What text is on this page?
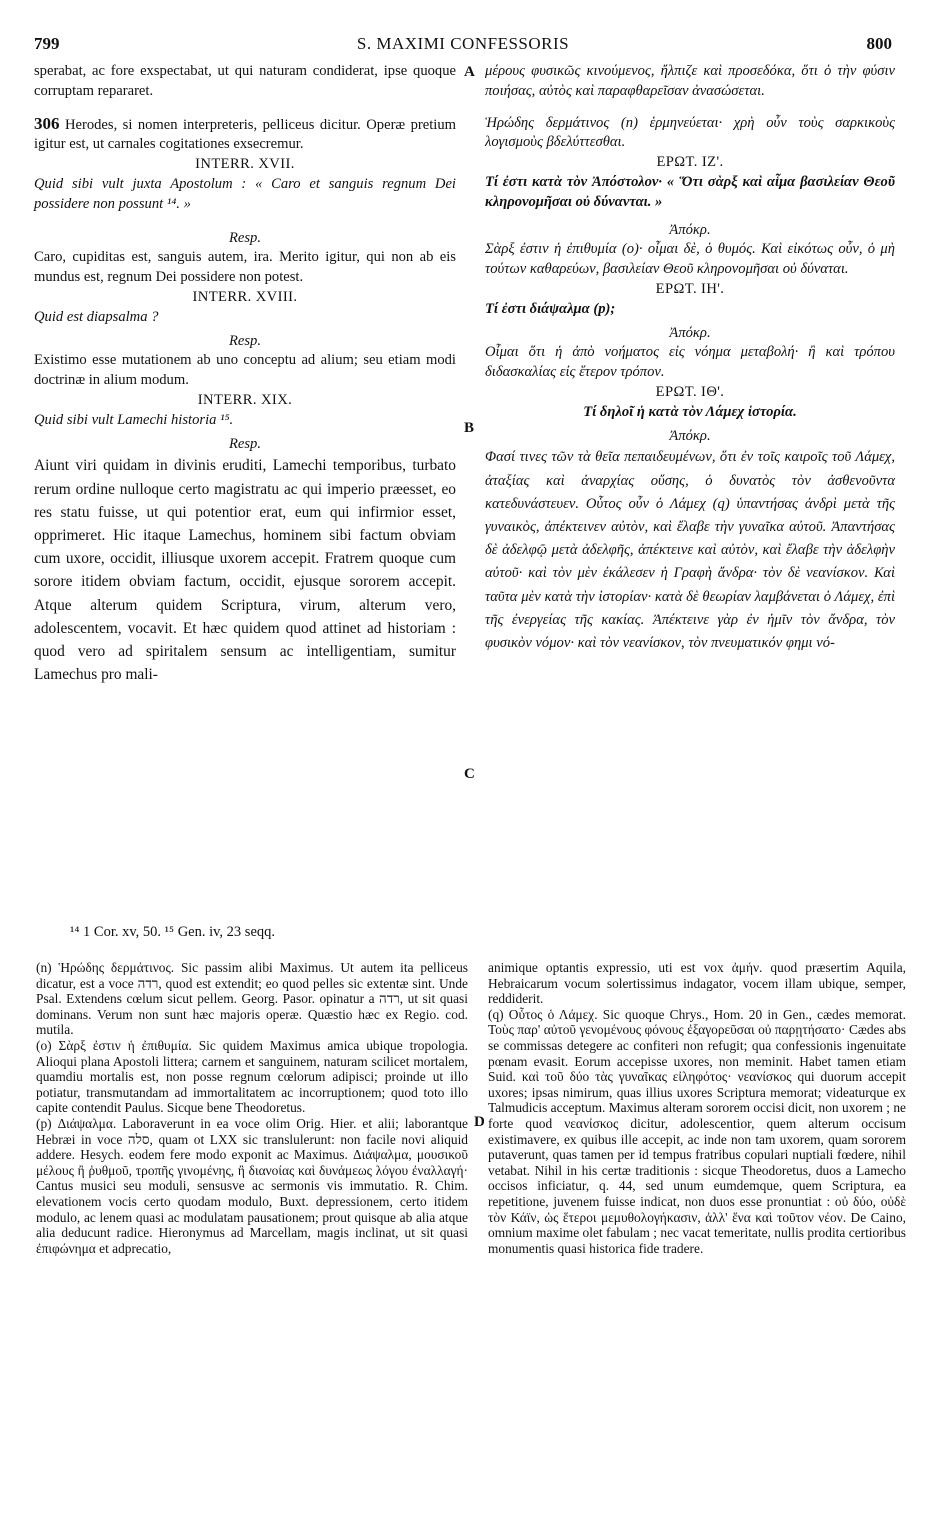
799	S. MAXIMI CONFESSORIS	800
A
B
C
D

sperabat, ac fore exspectabat, ut qui naturam condiderat, ipse quoque corruptam repararet.

306 Herodes, si nomen interpreteris, pelliceus dicitur. Operæ pretium igitur est, ut carnales cogitationes exsecremur.

INTERR. XVII.

Quid sibi vult juxta Apostolum : « Caro et sanguis regnum Dei possidere non possunt ¹⁴. »

Resp.

Caro, cupiditas est, sanguis autem, ira. Merito igitur, qui non ab eis mundus est, regnum Dei possidere non potest.

INTERR. XVIII.

Quid est diapsalma ?

Resp.

Existimo esse mutationem ab uno conceptu ad alium; seu etiam modi doctrinæ in alium modum.

INTERR. XIX.

Quid sibi vult Lamechi historia ¹⁵.

Resp.

Aiunt viri quidam in divinis eruditi, Lamechi temporibus, turbato rerum ordine nulloque certo magistratu ac qui imperio præesset, eo res statu fuisse, ut qui potentior erat, eum qui infirmior esset, opprimeret. Hic itaque Lamechus, hominem sibi factum obviam cum uxore, occidit, illiusque uxorem accepit. Fratrem quoque cum sorore itidem obviam factum, occidit, ejusque sororem accepit. Atque alterum quidem Scriptura, virum, alterum vero, adolescentem, vocavit. Et hæc quidem quod attinet ad historiam : quod vero ad spiritalem sensum ac intelligentiam, sumitur Lamechus pro mali-

μέρους φυσικῶς κινούμενος, ἤλπιζε καὶ προσεδόκα, ὅτι ὁ τὴν φύσιν ποιήσας, αὐτὸς καὶ παραφθαρεῖσαν ἀνασώσεται.

Ἡρώδης δερμάτινος (n) ἑρμηνεύεται· χρὴ οὖν τοὺς σαρκικοὺς λογισμοὺς βδελύττεσθαι.

ΕΡΩΤ. ΙΖ'.

Τί ἐστι κατὰ τὸν Ἀπόστολον· « Ὅτι σὰρξ καὶ αἷμα βασιλείαν Θεοῦ κληρονομῆσαι οὐ δύνανται. »

Ἀπόκρ.

Σὰρξ ἐστιν ἡ ἐπιθυμία (o)· οἶμαι δὲ, ὁ θυμός. Καὶ εἰκότως οὖν, ὁ μὴ τούτων καθαρεύων, βασιλείαν Θεοῦ κληρονομῆσαι οὐ δύναται.

ΕΡΩΤ. ΙΗ'.

Τί ἐστι διάψαλμα (p);

Ἀπόκρ.

Οἶμαι ὅτι ἡ ἀπὸ νοήματος εἰς νόημα μεταβολή· ἢ καὶ τρόπου διδασκαλίας εἰς ἕτερον τρόπον.

ΕΡΩΤ. ΙΘ'.

Τί δηλοῖ ἡ κατὰ τὸν Λάμεχ ἱστορία.

Ἀπόκρ.

Φασί τινες τῶν τὰ θεῖα πεπαιδευμένων, ὅτι ἐν τοῖς καιροῖς τοῦ Λάμεχ, ἀταξίας καὶ ἀναρχίας οὔσης, ὁ δυνατὸς τὸν ἀσθενοῦντα κατεδυνάστευεν. Οὗτος οὖν ὁ Λάμεχ (q) ὑπαντήσας ἀνδρὶ μετὰ τῆς γυναικὸς, ἀπέκτεινεν αὐτὸν, καὶ ἔλαβε τὴν γυναῖκα αὐτοῦ. Ἀπαντήσας δὲ ἀδελφῷ μετὰ ἀδελφῆς, ἀπέκτεινε καὶ αὐτὸν, καὶ ἔλαβε τὴν ἀδελφὴν αὐτοῦ· καὶ τὸν μὲν ἐκάλεσεν ἡ Γραφὴ ἄνδρα· τὸν δὲ νεανίσκον. Καὶ ταῦτα μὲν κατὰ τὴν ἱστορίαν· κατὰ δὲ θεωρίαν λαμβάνεται ὁ Λάμεχ, ἐπὶ τῆς ἐνεργείας τῆς κακίας. Ἀπέκτεινε γὰρ ἐν ἡμῖν τὸν ἄνδρα, τὸν φυσικὸν νόμον· καὶ τὸν νεανίσκον, τὸν πνευματικόν φημι νό-

¹⁴ 1 Cor. xv, 50. ¹⁵ Gen. iv, 23 seqq.

(n) Ἡρώδης δερμάτινος. Sic passim alibi Maximus. Ut autem ita pelliceus dicatur, est a voce רדה, quod est extendit; eo quod pelles sic extentæ sint. Unde Psal. Extendens cœlum sicut pellem. Georg. Pasor. opinatur a רדה, ut sit quasi dominans. Verum non sunt hæc majoris operæ. Quæstio hæc ex Regio. cod. mutila.

(o) Σὰρξ ἐστιν ἡ ἐπιθυμία. Sic quidem Maximus amica ubique tropologia. Alioqui plana Apostoli littera; carnem et sanguinem, naturam scilicet mortalem, quamdiu mortalis est, non posse regnum cœlorum adipisci; proinde ut illo potiatur, transmutandam ad immortalitatem ac incorruptionem; quod toto illo capite contendit Paulus. Sicque bene Theodoretus.

(p) Διάψαλμα. Laboraverunt in ea voce olim Orig. Hier. et alii; laborantque Hebræi in voce סלה, quam ot LXX sic translulerunt: non facile novi aliquid addere. Hesych. eodem fere modo exponit ac Maximus. Διάψαλμα, μουσικοῦ μέλους ἢ ῥυθμοῦ, τροπῆς γινομένης, ἢ διανοίας καὶ δυνάμεως λόγου ἐναλλαγή· Cantus musici seu moduli, sensusve ac sermonis vis immutatio. R. Chim. elevationem vocis certo quodam modulo, Buxt. depressionem, certo itidem modulo, ac lenem quasi ac modulatam pausationem; prout quisque ab alia atque alia deducunt radice. Hieronymus ad Marcellam, magis inclinat, ut sit quasi ἐπιφώνημα et adprecatio,

animique optantis expressio, uti est vox ἀμήν. quod præsertim Aquila, Hebraicarum vocum solertissimus indagator, vocem illam ubique, semper, reddiderit.

(q) Οὗτος ὁ Λάμεχ. Sic quoque Chrys., Hom. 20 in Gen., cædes memorat. Τοὺς παρ' αὐτοῦ γενομένους φόνους ἐξαγορεῦσαι οὐ παρῃτήσατο· Cædes abs se commissas detegere ac confiteri non refugit; qua confessionis ingenuitate pœnam evasit. Eorum accepisse uxores, non meminit. Habet tamen etiam Suid. καὶ τοῦ δύο τὰς γυναῖκας εἰληφότος· νεανίσκος qui duorum accepit uxores; ipsas nimirum, quas illius uxores Scriptura memorat; videaturque ex Talmudicis acceptum. Maximus alteram sororem occisi dicit, non uxorem ; ne forte quod νεανίσκος dicitur, adolescentior, quem alterum occisum existimavere, ex quibus ille accepit, ac inde non tam uxorem, quam sororem putaverunt, quas tamen per id tempus fratribus copulari nuptiali fœdere, nihil vetabat. Nihil in his certæ traditionis : sicque Theodoretus, duos a Lamecho occisos inficiatur, q. 44, sed unum eumdemque, quem Scriptura, ea repetitione, juvenem fuisse indicat, non duos esse pronuntiat : οὐ δύο, οὐδὲ τὸν Κάϊν, ὡς ἕτεροι μεμυθολογήκασιν, ἀλλ' ἕνα καὶ τοῦτον νέον. De Caino, omnium maxime olet fabulam ; nec vacat temeritate, nullis prodita certioribus monumentis quasi historica fide tradere.
